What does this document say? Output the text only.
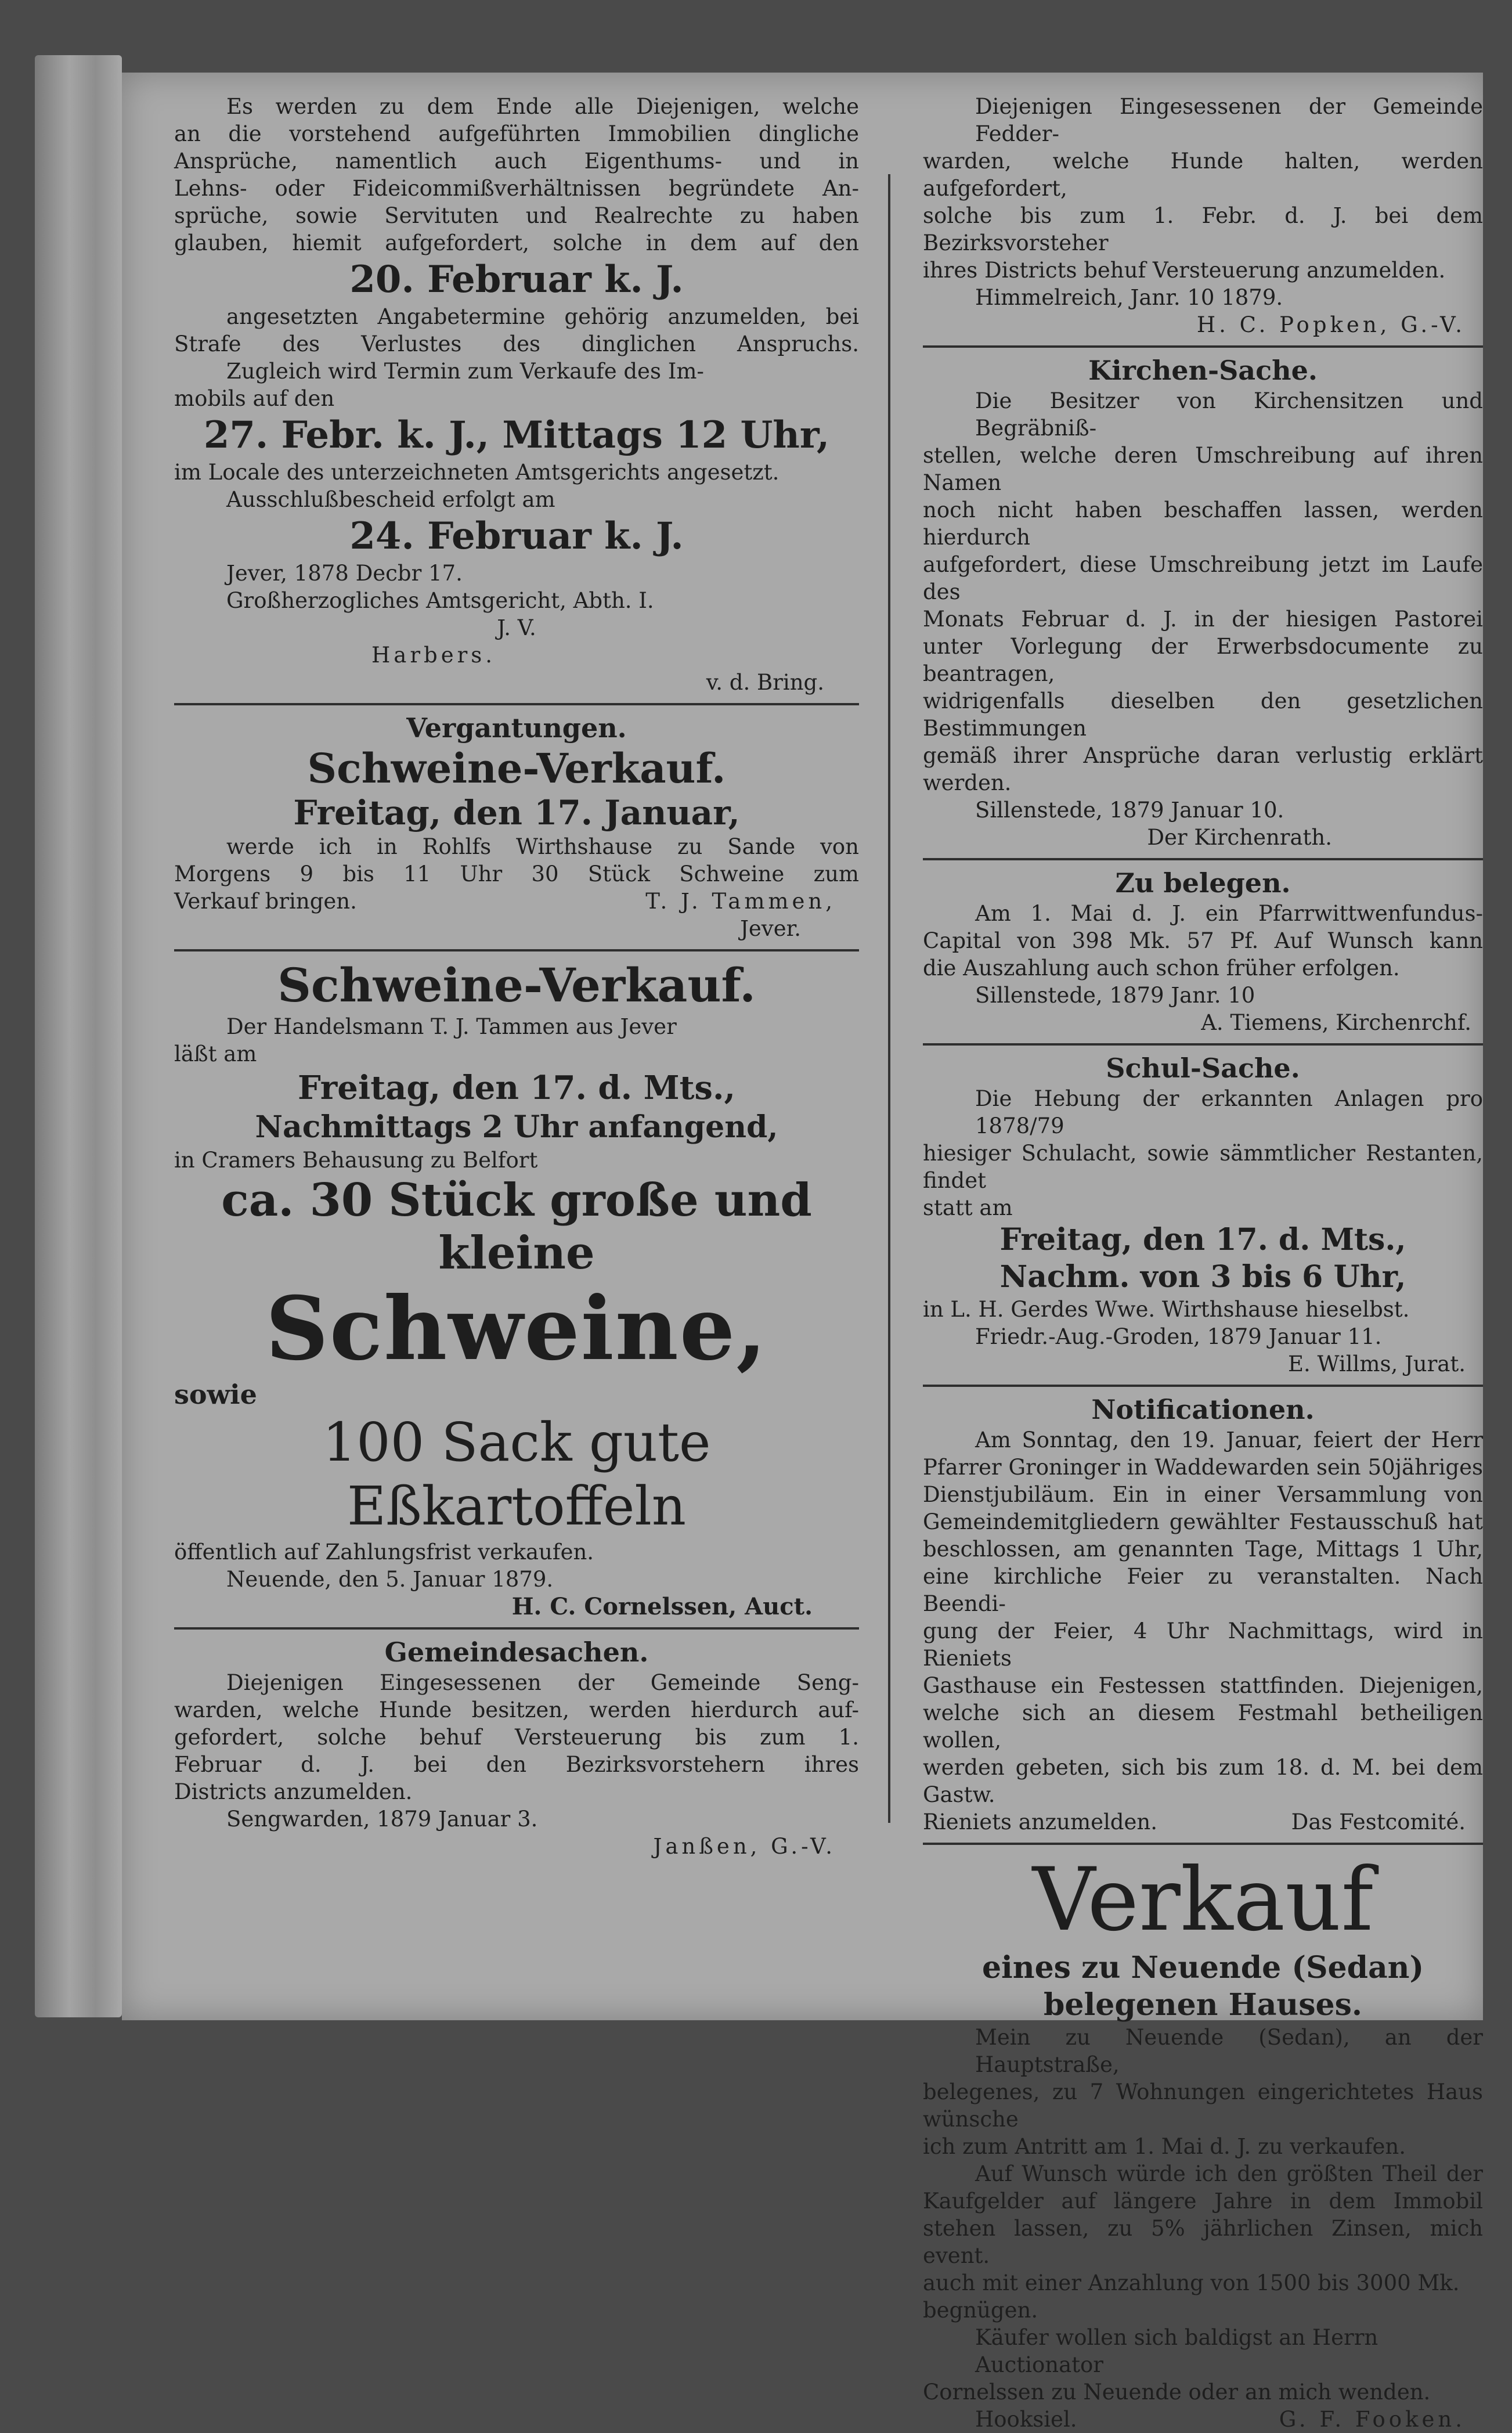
Es werden zu dem Ende alle Diejenigen, welche

an die vorstehend aufgeführten Immobilien dingliche

Ansprüche, namentlich auch Eigenthums- und in

Lehns- oder Fideicommißverhältnissen begründete An-

sprüche, sowie Servituten und Realrechte zu haben

glauben, hiemit aufgefordert, solche in dem auf den

20. Februar k. J.

angesetzten Angabetermine gehörig anzumelden, bei

Strafe des Verlustes des dinglichen Anspruchs.

Zugleich wird Termin zum Verkaufe des Im-

mobils auf den

27. Febr. k. J., Mittags 12 Uhr,

im Locale des unterzeichneten Amtsgerichts angesetzt.

Ausschlußbescheid erfolgt am

24. Februar k. J.

Jever, 1878 Decbr 17.

Großherzogliches Amtsgericht, Abth. I.

J. V.

Harbers.

v. d. Bring.

Vergantungen.
Schweine-Verkauf.
Freitag, den 17. Januar,

werde ich in Rohlfs Wirthshause zu Sande von

Morgens 9 bis 11 Uhr 30 Stück Schweine zum

Verkauf bringen.	T. J. Tammen,

Jever.

Schweine-Verkauf.

Der Handelsmann T. J. Tammen aus Jever

läßt am

Freitag, den 17. d. Mts.,
Nachmittags 2 Uhr anfangend,

in Cramers Behausung zu Belfort

ca. 30 Stück große und
kleine
Schweine,

sowie

100 Sack gute
Eßkartoffeln

öffentlich auf Zahlungsfrist verkaufen.

Neuende, den 5. Januar 1879.

H. C. Cornelssen, Auct.

Gemeindesachen.

Diejenigen Eingesessenen der Gemeinde Seng-

warden, welche Hunde besitzen, werden hierdurch auf-

gefordert, solche behuf Versteuerung bis zum 1.

Februar d. J. bei den Bezirksvorstehern ihres

Districts anzumelden.

Sengwarden, 1879 Januar 3.

Janßen, G.-V.

Diejenigen Eingesessenen der Gemeinde Fedder-

warden, welche Hunde halten, werden aufgefordert,

solche bis zum 1. Febr. d. J. bei dem Bezirksvorsteher

ihres Districts behuf Versteuerung anzumelden.

Himmelreich, Janr. 10 1879.

H. C. Popken, G.-V.

Kirchen-Sache.

Die Besitzer von Kirchensitzen und Begräbniß-

stellen, welche deren Umschreibung auf ihren Namen

noch nicht haben beschaffen lassen, werden hierdurch

aufgefordert, diese Umschreibung jetzt im Laufe des

Monats Februar d. J. in der hiesigen Pastorei

unter Vorlegung der Erwerbsdocumente zu beantragen,

widrigenfalls dieselben den gesetzlichen Bestimmungen

gemäß ihrer Ansprüche daran verlustig erklärt werden.

Sillenstede, 1879 Januar 10.

Der Kirchenrath.

Zu belegen.

Am 1. Mai d. J. ein Pfarrwittwenfundus-

Capital von 398 Mk. 57 Pf. Auf Wunsch kann

die Auszahlung auch schon früher erfolgen.

Sillenstede, 1879 Janr. 10

A. Tiemens, Kirchenrchf.

Schul-Sache.

Die Hebung der erkannten Anlagen pro 1878/79

hiesiger Schulacht, sowie sämmtlicher Restanten, findet

statt am

Freitag, den 17. d. Mts.,
Nachm. von 3 bis 6 Uhr,

in L. H. Gerdes Wwe. Wirthshause hieselbst.

Friedr.-Aug.-Groden, 1879 Januar 11.

E. Willms, Jurat.

Notificationen.

Am Sonntag, den 19. Januar, feiert der Herr

Pfarrer Groninger in Waddewarden sein 50jähriges

Dienstjubiläum. Ein in einer Versammlung von

Gemeindemitgliedern gewählter Festausschuß hat

beschlossen, am genannten Tage, Mittags 1 Uhr,

eine kirchliche Feier zu veranstalten. Nach Beendi-

gung der Feier, 4 Uhr Nachmittags, wird in Rieniets

Gasthause ein Festessen stattfinden. Diejenigen,

welche sich an diesem Festmahl betheiligen wollen,

werden gebeten, sich bis zum 18. d. M. bei dem Gastw.

Rieniets anzumelden.	Das Festcomité.

Verkauf
eines zu Neuende (Sedan)
belegenen Hauses.

Mein zu Neuende (Sedan), an der Hauptstraße,

belegenes, zu 7 Wohnungen eingerichtetes Haus wünsche

ich zum Antritt am 1. Mai d. J. zu verkaufen.

Auf Wunsch würde ich den größten Theil der

Kaufgelder auf längere Jahre in dem Immobil

stehen lassen, zu 5% jährlichen Zinsen, mich event.

auch mit einer Anzahlung von 1500 bis 3000 Mk.

begnügen.

Käufer wollen sich baldigst an Herrn Auctionator

Cornelssen zu Neuende oder an mich wenden.

Hooksiel.	G. F. Fooken.
